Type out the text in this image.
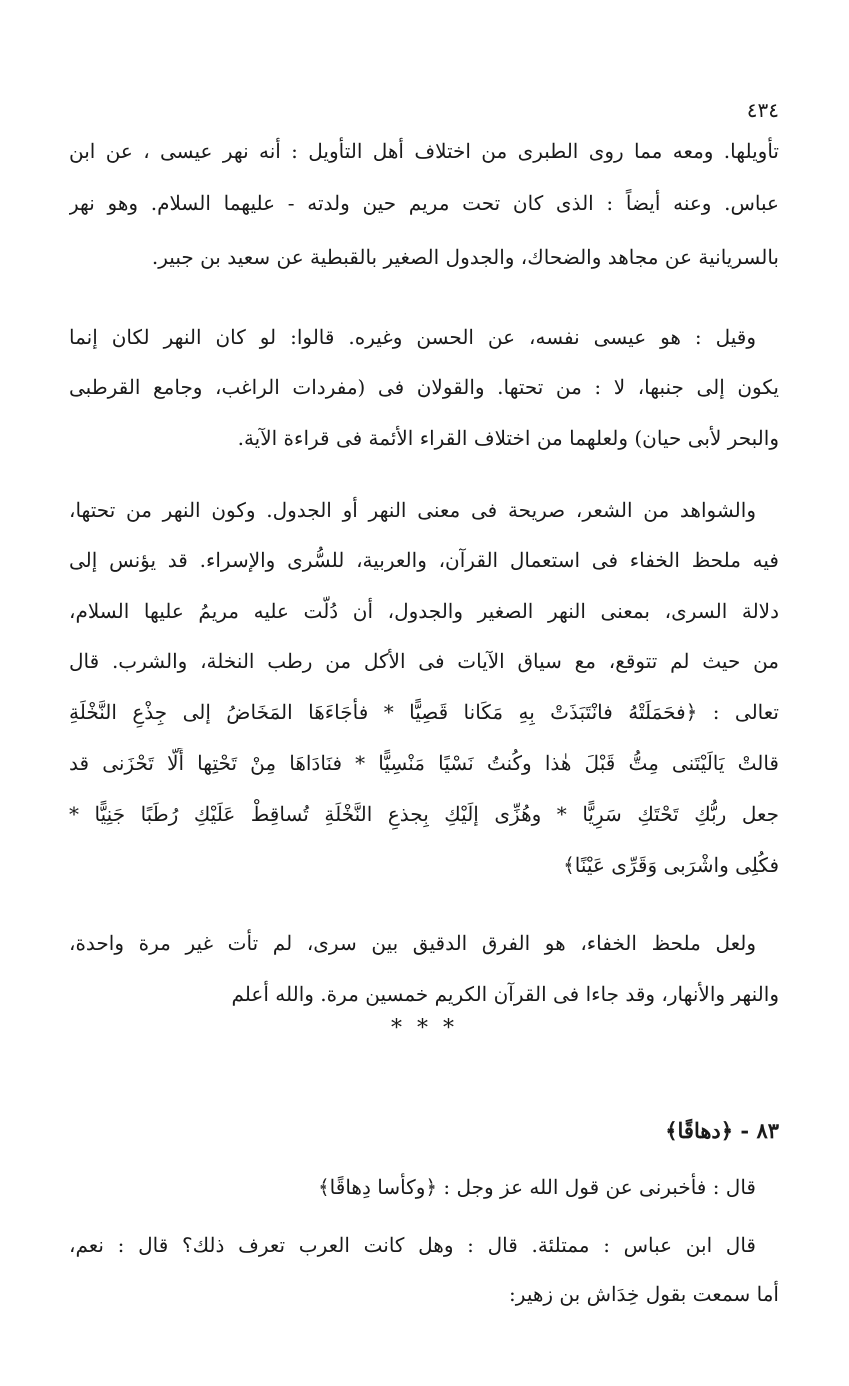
٤٣٤
تأويلها. ومعه مما روى الطبرى من اختلاف أهل التأويل : أنه نهر عيسى ، عن ابن
عباس. وعنه أيضاً : الذى كان تحت مريم حين ولدته - عليهما السلام. وهو نهر
بالسريانية عن مجاهد والضحاك، والجدول الصغير بالقبطية عن سعيد بن جبير.
وقيل : هو عيسى نفسه، عن الحسن وغيره. قالوا: لو كان النهر لكان إنما
يكون إلى جنبها، لا : من تحتها. والقولان فى (مفردات الراغب، وجامع القرطبى
والبحر لأبى حيان) ولعلهما من اختلاف القراء الأئمة فى قراءة الآية.
والشواهد من الشعر، صريحة فى معنى النهر أو الجدول. وكون النهر من تحتها،
فيه ملحظ الخفاء فى استعمال القرآن، والعربية، للسُّرى والإسراء. قد يؤنس إلى
دلالة السرى، بمعنى النهر الصغير والجدول، أن دُلَّت عليه مريمُ عليها السلام،
من حيث لم تتوقع، مع سياق الآيات فى الأكل من رطب النخلة، والشرب. قال
تعالى : ﴿فحَمَلَتْهُ فانْتَبَذَتْ بِهِ مَكَانا قَصِيًّا * فأَجَاءَهَا المَخَاضُ إلى جِذْعِ النَّخْلَةِ
قالتْ يَالَيْتَنى مِتُّ قَبْلَ هٰذا وكُنتُ نَسْيًا مَنْسِيًّا * فنَادَاهَا مِنْ تَحْتِها أَلَّا تَحْزَنى قد
جعل ربُّكِ تَحْتَكِ سَرِيًّا * وهُزِّى إلَيْكِ بِجذعِ النَّخْلَةِ تُساقِطْ عَلَيْكِ رُطَبًا جَنِيًّا *
فكُلِى واشْرَبى وَقَرِّى عَيْنًا﴾
ولعل ملحظ الخفاء، هو الفرق الدقيق بين سرى، لم تأت غير مرة واحدة،
والنهر والأنهار، وقد جاءا فى القرآن الكريم خمسين مرة. والله أعلم
* * *
٨٣ - ﴿دهاقًا﴾
قال : فأخبرنى عن قول الله عز وجل : ﴿وكأسا دِهاقًا﴾
قال ابن عباس : ممتلئة. قال : وهل كانت العرب تعرف ذلك؟ قال : نعم،
أما سمعت بقول خِدَاش بن زهير:
